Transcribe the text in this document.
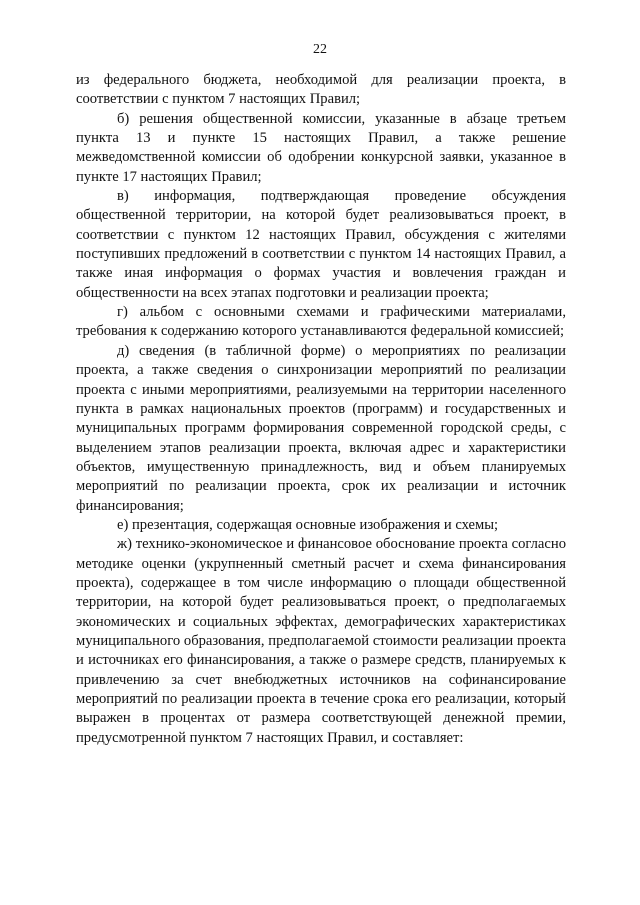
22

из федерального бюджета, необходимой для реализации проекта, в соответствии с пунктом 7 настоящих Правил;

б) решения общественной комиссии, указанные в абзаце третьем пункта 13 и пункте 15 настоящих Правил, а также решение межведомственной комиссии об одобрении конкурсной заявки, указанное в пункте 17 настоящих Правил;

в) информация, подтверждающая проведение обсуждения общественной территории, на которой будет реализовываться проект, в соответствии с пунктом 12 настоящих Правил, обсуждения с жителями поступивших предложений в соответствии с пунктом 14 настоящих Правил, а также иная информация о формах участия и вовлечения граждан и общественности на всех этапах подготовки и реализации проекта;

г) альбом с основными схемами и графическими материалами, требования к содержанию которого устанавливаются федеральной комиссией;

д) сведения (в табличной форме) о мероприятиях по реализации проекта, а также сведения о синхронизации мероприятий по реализации проекта с иными мероприятиями, реализуемыми на территории населенного пункта в рамках национальных проектов (программ) и государственных и муниципальных программ формирования современной городской среды, с выделением этапов реализации проекта, включая адрес и характеристики объектов, имущественную принадлежность, вид и объем планируемых мероприятий по реализации проекта, срок их реализации и источник финансирования;

е) презентация, содержащая основные изображения и схемы;

ж) технико-экономическое и финансовое обоснование проекта согласно методике оценки (укрупненный сметный расчет и схема финансирования проекта), содержащее в том числе информацию о площади общественной территории, на которой будет реализовываться проект, о предполагаемых экономических и социальных эффектах, демографических характеристиках муниципального образования, предполагаемой стоимости реализации проекта и источниках его финансирования, а также о размере средств, планируемых к привлечению за счет внебюджетных источников на софинансирование мероприятий по реализации проекта в течение срока его реализации, который выражен в процентах от размера соответствующей денежной премии, предусмотренной пунктом 7 настоящих Правил, и составляет:
